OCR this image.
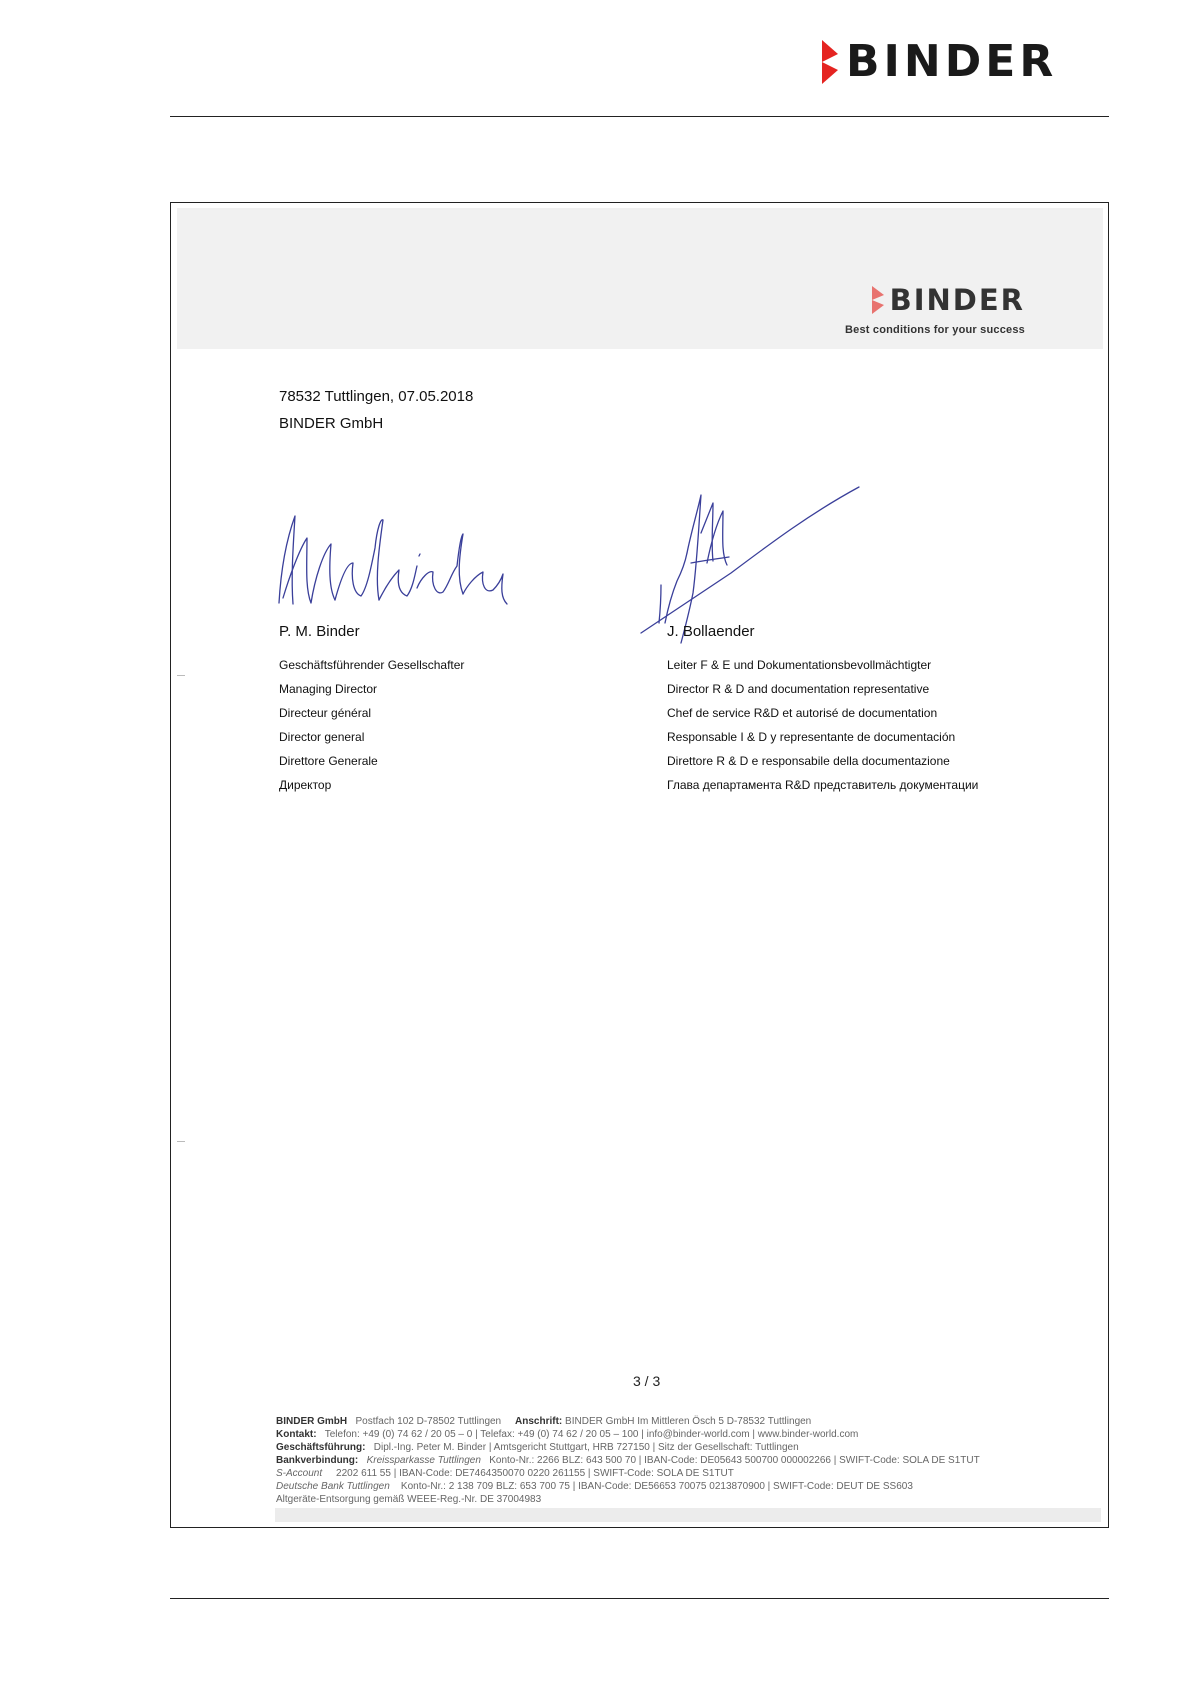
BINDER
BINDER
Best conditions for your success
78532 Tuttlingen, 07.05.2018
BINDER GmbH
P. M. Binder	J. Bollaender
Geschäftsführender Gesellschafter
Managing Director
Directeur général
Director general
Direttore Generale
Директор
Leiter F & E und Dokumentationsbevollmächtigter
Director R & D and documentation representative
Chef de service R&D et autorisé de documentation
Responsable I & D y representante de documentación
Direttore R & D e responsabile della documentazione
Глава департамента R&D представитель документации
3 / 3
BINDER GmbH Postfach 102 D-78502 Tuttlingen Anschrift: BINDER GmbH Im Mittleren Ösch 5 D-78532 Tuttlingen
Kontakt: Telefon: +49 (0) 74 62 / 20 05 – 0 | Telefax: +49 (0) 74 62 / 20 05 – 100 | info@binder-world.com | www.binder-world.com
Geschäftsführung: Dipl.-Ing. Peter M. Binder | Amtsgericht Stuttgart, HRB 727150 | Sitz der Gesellschaft: Tuttlingen
Bankverbindung: Kreissparkasse Tuttlingen Konto-Nr.: 2266 BLZ: 643 500 70 | IBAN-Code: DE05643 500700 000002266 | SWIFT-Code: SOLA DE S1TUT
S-Account 2202 611 55 | IBAN-Code: DE7464350070 0220 261155 | SWIFT-Code: SOLA DE S1TUT
Deutsche Bank Tuttlingen Konto-Nr.: 2 138 709 BLZ: 653 700 75 | IBAN-Code: DE56653 70075 0213870900 | SWIFT-Code: DEUT DE SS603
Altgeräte-Entsorgung gemäß WEEE-Reg.-Nr. DE 37004983
